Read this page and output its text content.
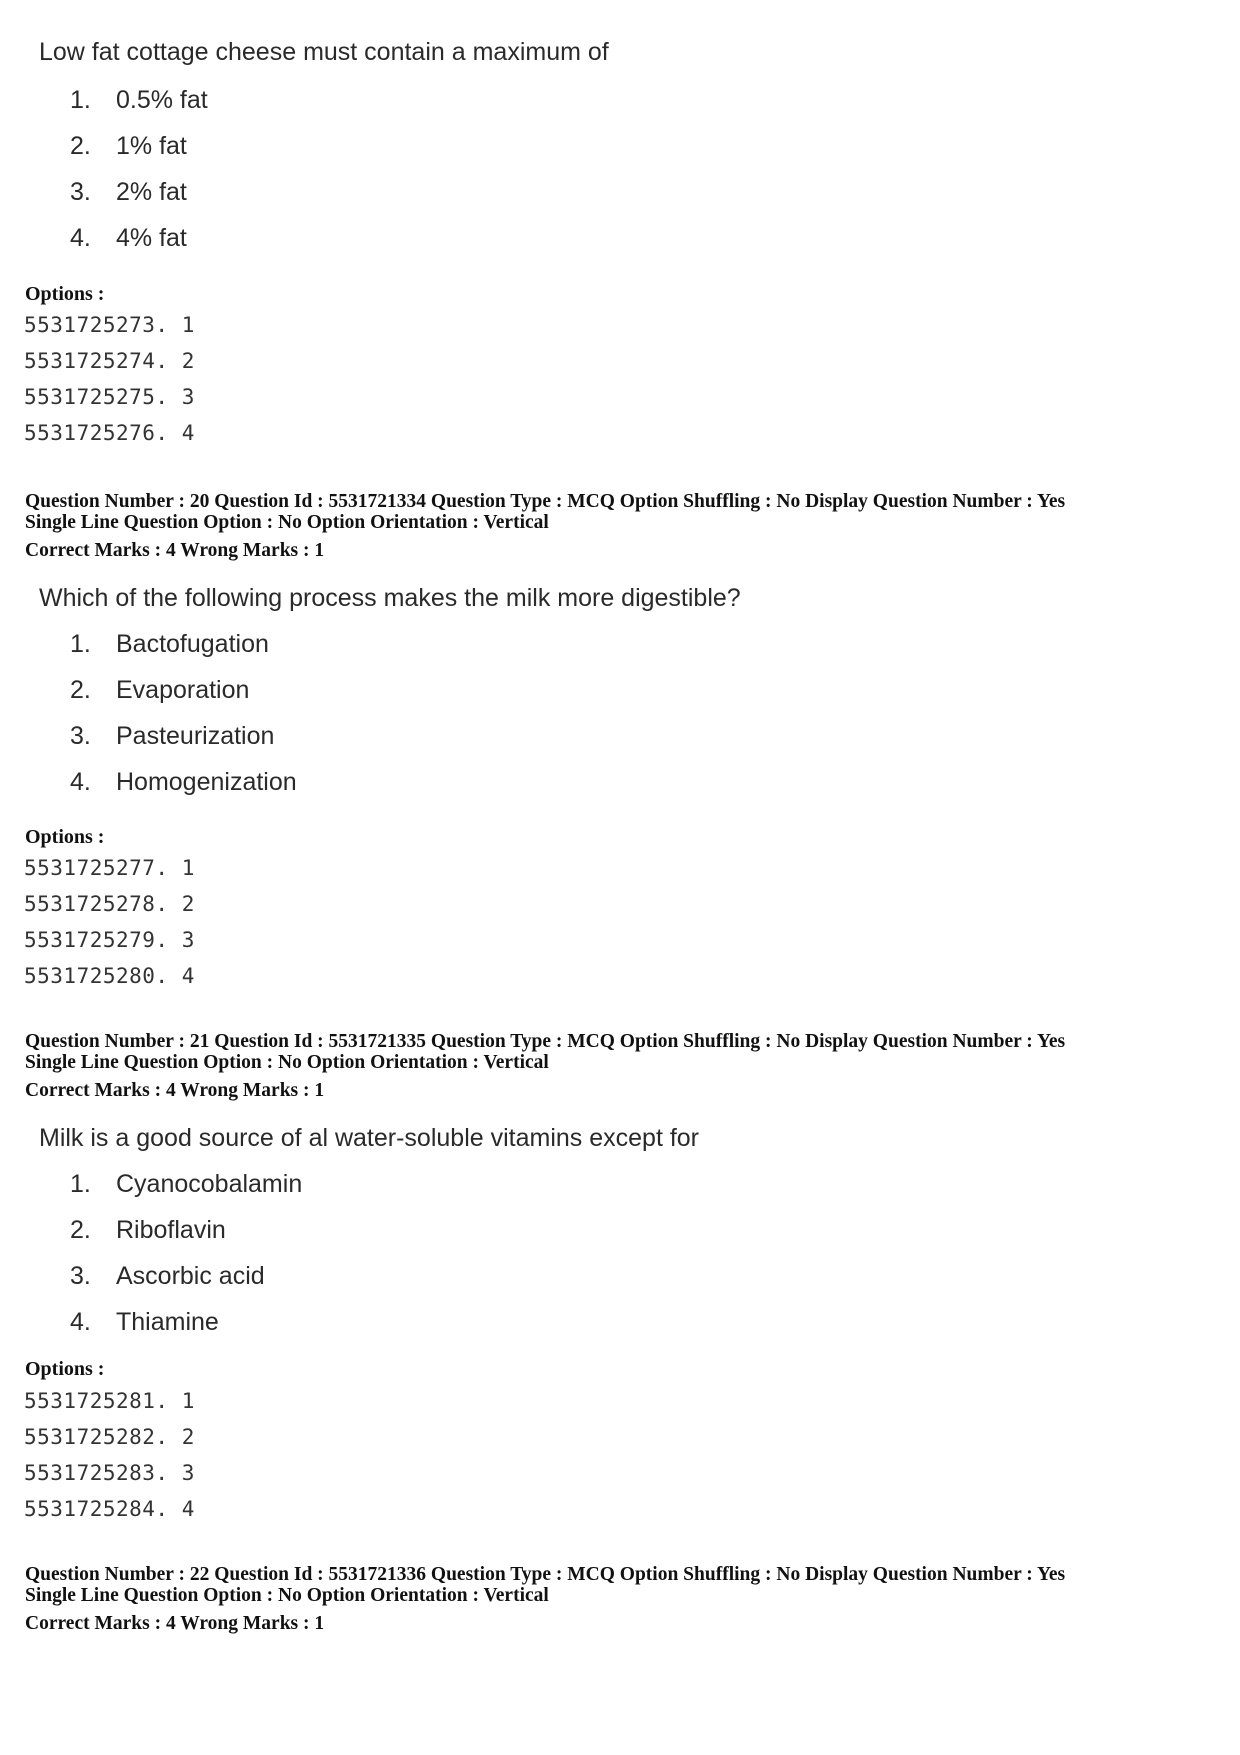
Low fat cottage cheese must contain a maximum of
1. 0.5% fat
2. 1% fat
3. 2% fat
4. 4% fat
Options :
5531725273. 1
5531725274. 2
5531725275. 3
5531725276. 4
Question Number : 20 Question Id : 5531721334 Question Type : MCQ Option Shuffling : No Display Question Number : Yes
Single Line Question Option : No Option Orientation : Vertical
Correct Marks : 4 Wrong Marks : 1
Which of the following process makes the milk more digestible?
1. Bactofugation
2. Evaporation
3. Pasteurization
4. Homogenization
Options :
5531725277. 1
5531725278. 2
5531725279. 3
5531725280. 4
Question Number : 21 Question Id : 5531721335 Question Type : MCQ Option Shuffling : No Display Question Number : Yes
Single Line Question Option : No Option Orientation : Vertical
Correct Marks : 4 Wrong Marks : 1
Milk is a good source of al water-soluble vitamins except for
1. Cyanocobalamin
2. Riboflavin
3. Ascorbic acid
4. Thiamine
Options :
5531725281. 1
5531725282. 2
5531725283. 3
5531725284. 4
Question Number : 22 Question Id : 5531721336 Question Type : MCQ Option Shuffling : No Display Question Number : Yes
Single Line Question Option : No Option Orientation : Vertical
Correct Marks : 4 Wrong Marks : 1
